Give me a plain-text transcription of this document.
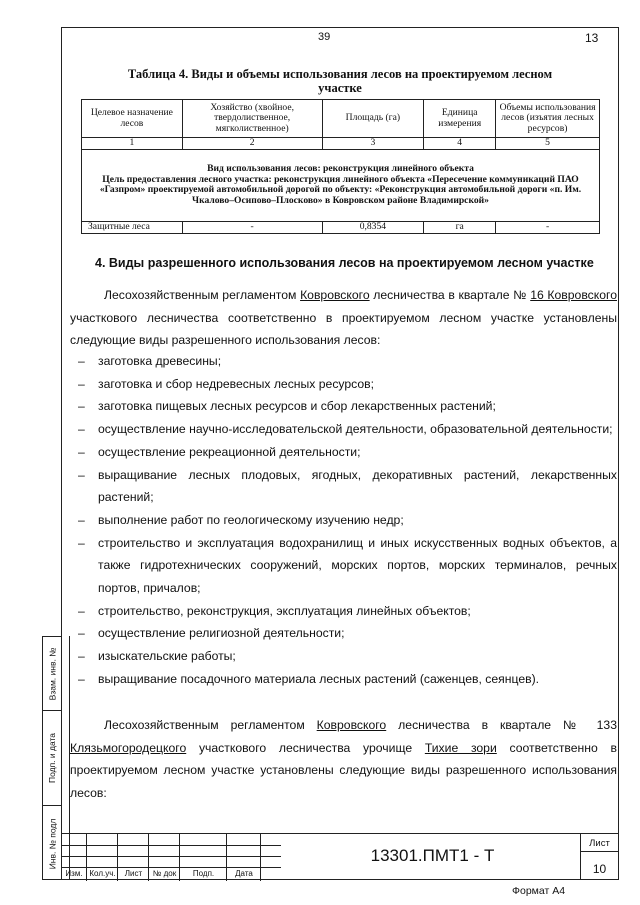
39	13
Взам. инв. №
Подп. и дата
Инв. № подл
Таблица 4. Виды и объемы использования лесов на проектируемом лесном
участке
Целевое назначение лесов	Хозяйство (хвойное, твердолиственное, мягколиственное)	Площадь (га)	Единица измерения	Объемы использования лесов (изъятия лесных ресурсов)
1	2	3	4	5

Вид использования лесов: реконструкция линейного объекта
Цель предоставления лесного участка: реконструкция линейного объекта «Пересечение коммуникаций ПАО «Газпром» проектируемой автомобильной дорогой по объекту: «Реконструкция автомобильной дороги «п. Им. Чкалово–Осипово–Плосково» в Ковровском районе Владимирской»				

Защитные леса	-	0,8354	га	-
4. Виды разрешенного использования лесов на проектируемом лесном участке

Лесохозяйственным регламентом Ковровского лесничества в квартале № 16 Ковровского участкового лесничества соответственно в проектируемом лесном участке установлены следующие виды разрешенного использования лесов:

– заготовка древесины;
– заготовка и сбор недревесных лесных ресурсов;
– заготовка пищевых лесных ресурсов и сбор лекарственных растений;
– осуществление научно-исследовательской деятельности, образовательной деятельности;
– осуществление рекреационной деятельности;
– выращивание лесных плодовых, ягодных, декоративных растений, лекарственных растений;
– выполнение работ по геологическому изучению недр;
– строительство и эксплуатация водохранилищ и иных искусственных водных объектов, а также гидротехнических сооружений, морских портов, морских терминалов, речных портов, причалов;
– строительство, реконструкция, эксплуатация линейных объектов;
– осуществление религиозной деятельности;
– изыскательские работы;
– выращивание посадочного материала лесных растений (саженцев, сеянцев).

Лесохозяйственным регламентом Ковровского лесничества в квартале № 133 Клязьмогородецкого участкового лесничества урочище Тихие зори соответственно в проектируемом лесном участке установлены следующие виды разрешенного использования лесов:

Изм. Кол.уч.	Лист	№ док	Подп.	Дата
13301.ПМТ1 - Т
Лист
10
Формат А4
